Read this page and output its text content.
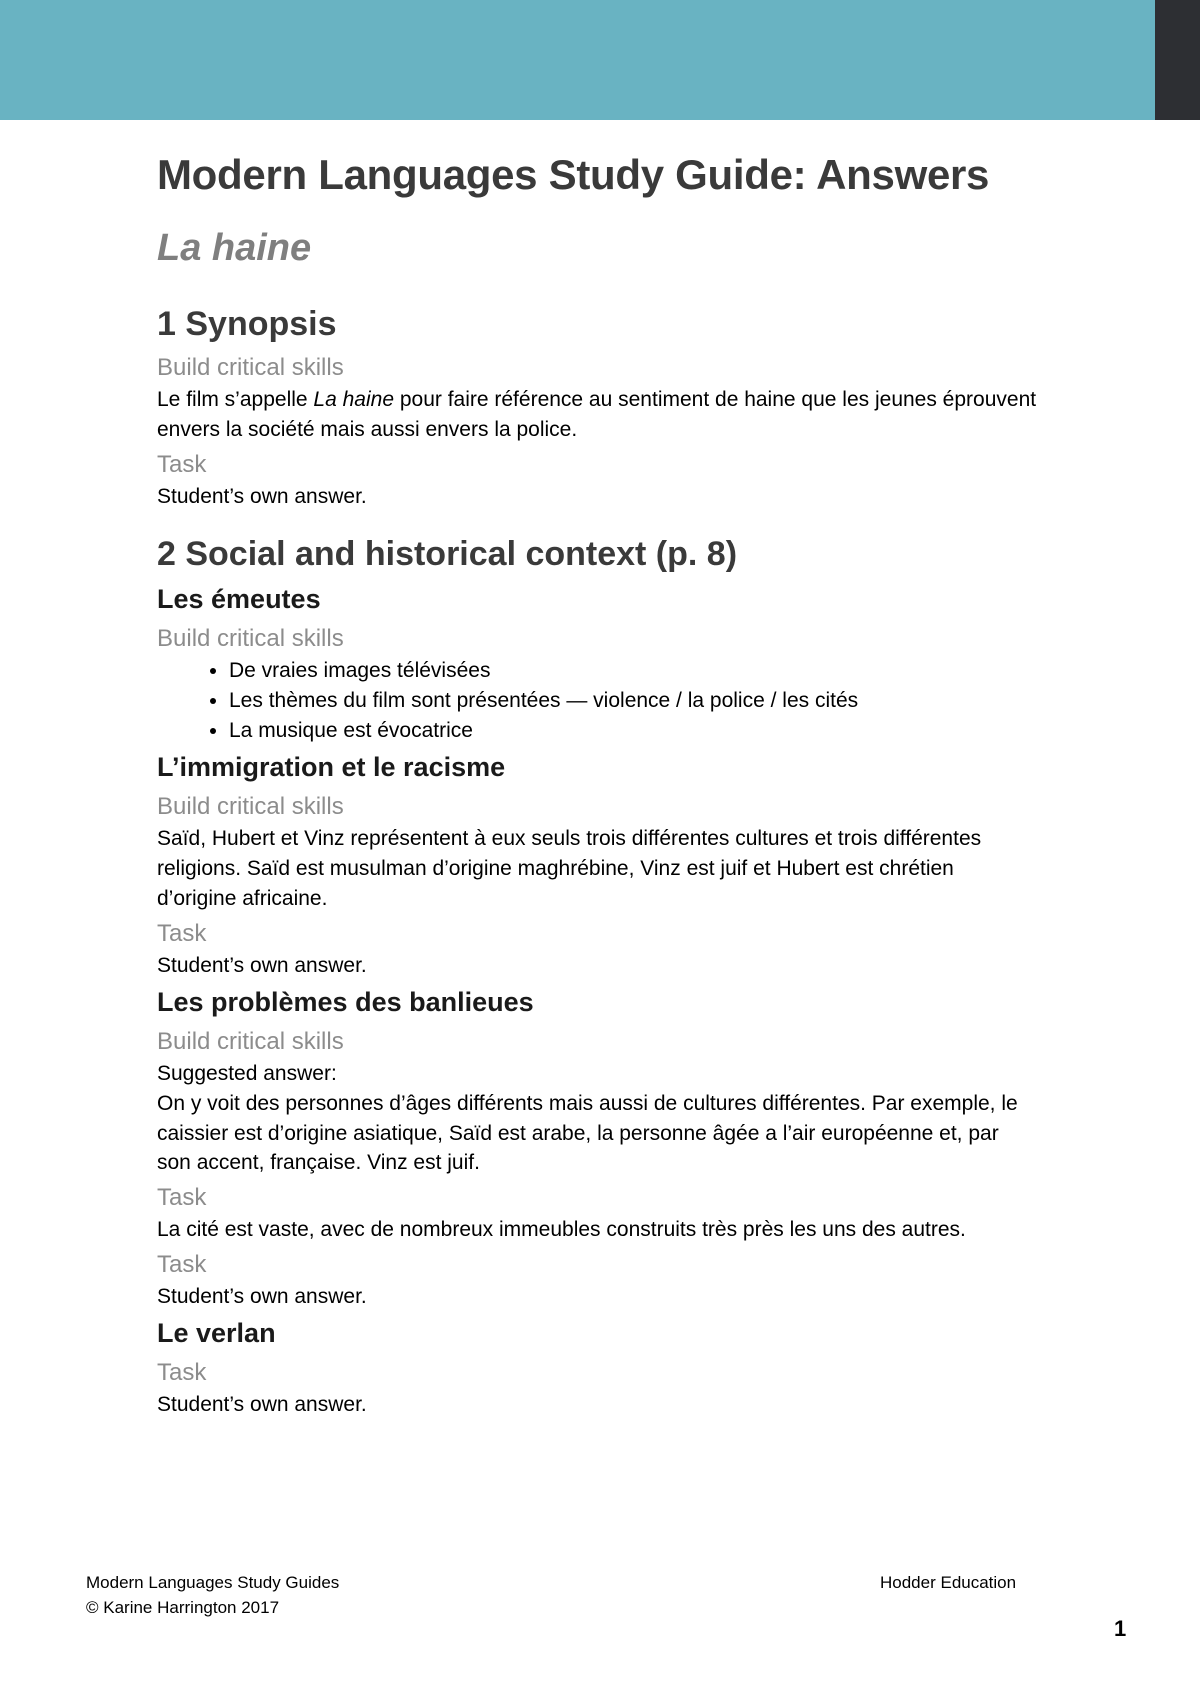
Modern Languages Study Guide: Answers
La haine
1 Synopsis
Build critical skills

Le film s’appelle La haine pour faire référence au sentiment de haine que les jeunes éprouvent envers la société mais aussi envers la police.

Task

Student’s own answer.

2 Social and historical context (p. 8)
Les émeutes
Build critical skills
• De vraies images télévisées
• Les thèmes du film sont présentées — violence / la police / les cités
• La musique est évocatrice
L’immigration et le racisme
Build critical skills

Saïd, Hubert et Vinz représentent à eux seuls trois différentes cultures et trois différentes religions. Saïd est musulman d’origine maghrébine, Vinz est juif et Hubert est chrétien d’origine africaine.

Task

Student’s own answer.

Les problèmes des banlieues
Build critical skills

Suggested answer:

On y voit des personnes d’âges différents mais aussi de cultures différentes. Par exemple, le caissier est d’origine asiatique, Saïd est arabe, la personne âgée a l’air européenne et, par son accent, française. Vinz est juif.

Task

La cité est vaste, avec de nombreux immeubles construits très près les uns des autres.

Task

Student’s own answer.

Le verlan
Task

Student’s own answer.

Modern Languages Study Guides
© Karine Harrington 2017
Hodder Education
1
